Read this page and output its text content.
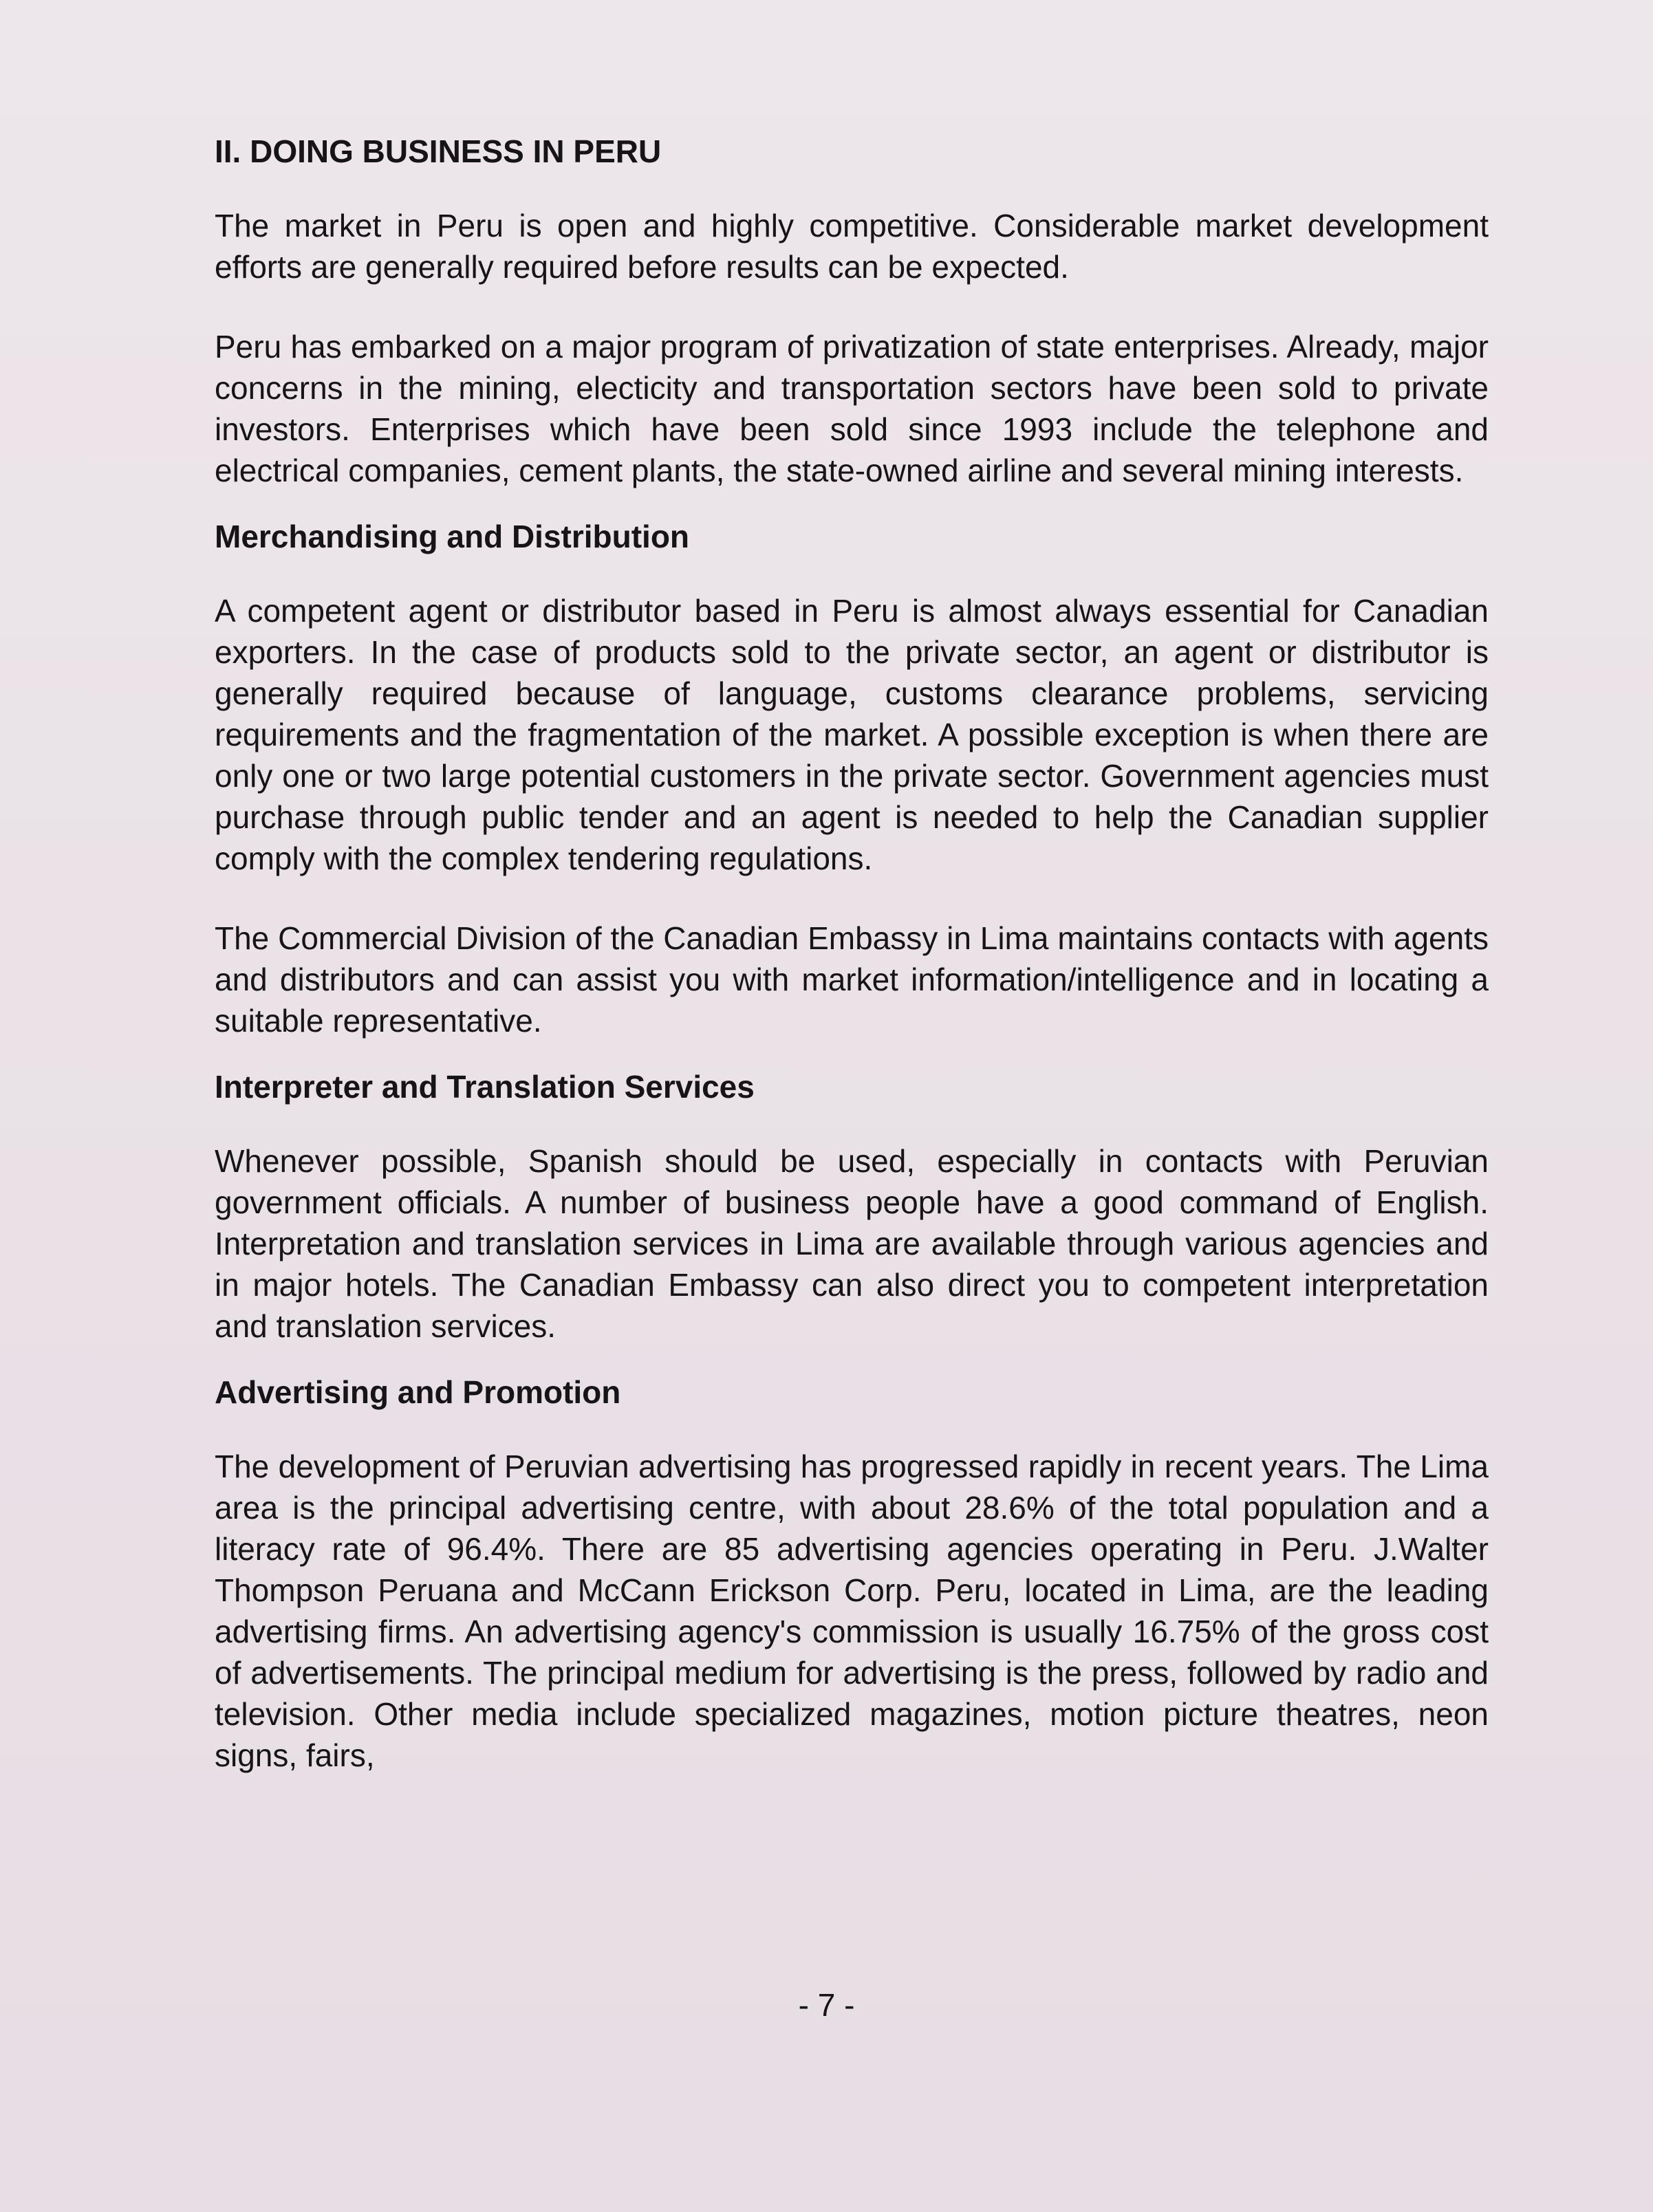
II. DOING BUSINESS IN PERU

The market in Peru is open and highly competitive. Considerable market development efforts are generally required before results can be expected.

Peru has embarked on a major program of privatization of state enterprises. Already, major concerns in the mining, electicity and transportation sectors have been sold to private investors. Enterprises which have been sold since 1993 include the telephone and electrical companies, cement plants, the state-owned airline and several mining interests.

Merchandising and Distribution

A competent agent or distributor based in Peru is almost always essential for Canadian exporters. In the case of products sold to the private sector, an agent or distributor is generally required because of language, customs clearance problems, servicing requirements and the fragmentation of the market. A possible exception is when there are only one or two large potential customers in the private sector. Government agencies must purchase through public tender and an agent is needed to help the Canadian supplier comply with the complex tendering regulations.

The Commercial Division of the Canadian Embassy in Lima maintains contacts with agents and distributors and can assist you with market information/intelligence and in locating a suitable representative.

Interpreter and Translation Services

Whenever possible, Spanish should be used, especially in contacts with Peruvian government officials. A number of business people have a good command of English. Interpretation and translation services in Lima are available through various agencies and in major hotels. The Canadian Embassy can also direct you to competent interpretation and translation services.

Advertising and Promotion

The development of Peruvian advertising has progressed rapidly in recent years. The Lima area is the principal advertising centre, with about 28.6% of the total population and a literacy rate of 96.4%. There are 85 advertising agencies operating in Peru. J.Walter Thompson Peruana and McCann Erickson Corp. Peru, located in Lima, are the leading advertising firms. An advertising agency's commission is usually 16.75% of the gross cost of advertisements. The principal medium for advertising is the press, followed by radio and television. Other media include specialized magazines, motion picture theatres, neon signs, fairs,

- 7 -
